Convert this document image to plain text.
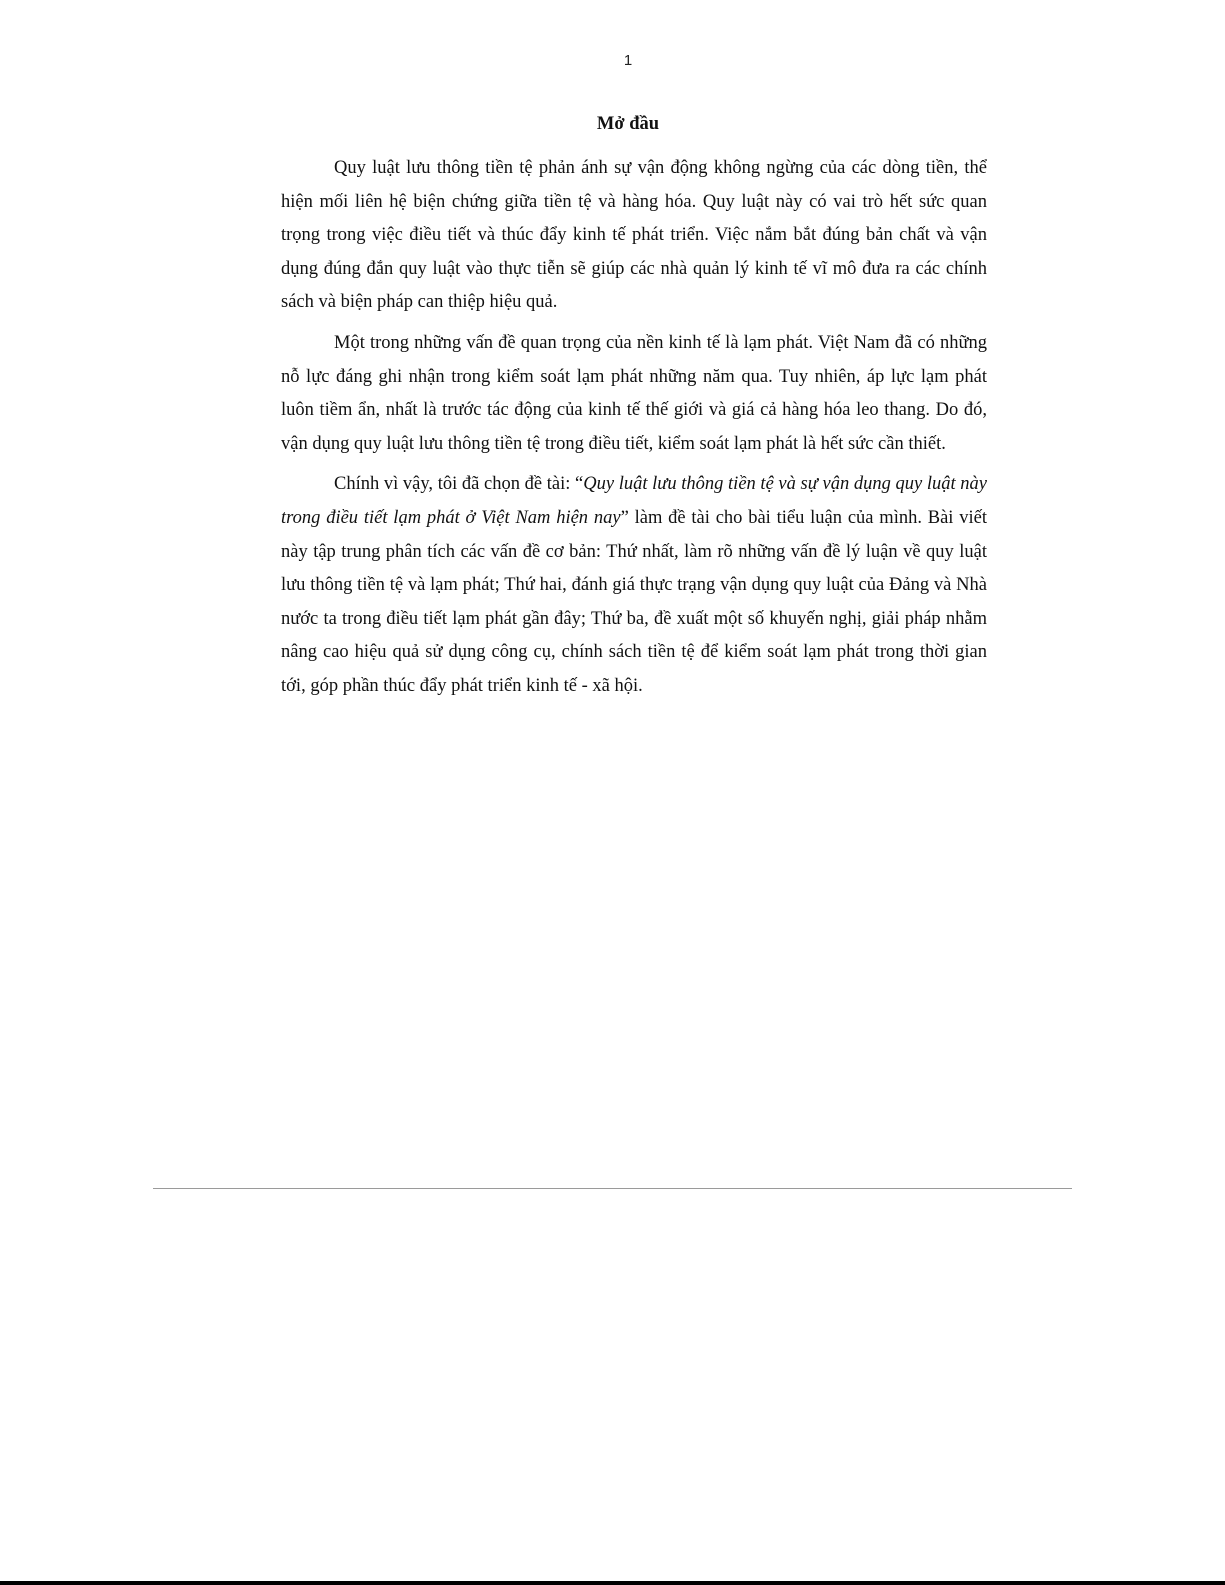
1
Mở đầu

Quy luật lưu thông tiền tệ phản ánh sự vận động không ngừng của các dòng tiền, thể hiện mối liên hệ biện chứng giữa tiền tệ và hàng hóa. Quy luật này có vai trò hết sức quan trọng trong việc điều tiết và thúc đẩy kinh tế phát triển. Việc nắm bắt đúng bản chất và vận dụng đúng đắn quy luật vào thực tiễn sẽ giúp các nhà quản lý kinh tế vĩ mô đưa ra các chính sách và biện pháp can thiệp hiệu quả.

Một trong những vấn đề quan trọng của nền kinh tế là lạm phát. Việt Nam đã có những nỗ lực đáng ghi nhận trong kiểm soát lạm phát những năm qua. Tuy nhiên, áp lực lạm phát luôn tiềm ẩn, nhất là trước tác động của kinh tế thế giới và giá cả hàng hóa leo thang. Do đó, vận dụng quy luật lưu thông tiền tệ trong điều tiết, kiểm soát lạm phát là hết sức cần thiết.

Chính vì vậy, tôi đã chọn đề tài: “Quy luật lưu thông tiền tệ và sự vận dụng quy luật này trong điều tiết lạm phát ở Việt Nam hiện nay” làm đề tài cho bài tiểu luận của mình. Bài viết này tập trung phân tích các vấn đề cơ bản: Thứ nhất, làm rõ những vấn đề lý luận về quy luật lưu thông tiền tệ và lạm phát; Thứ hai, đánh giá thực trạng vận dụng quy luật của Đảng và Nhà nước ta trong điều tiết lạm phát gần đây; Thứ ba, đề xuất một số khuyến nghị, giải pháp nhằm nâng cao hiệu quả sử dụng công cụ, chính sách tiền tệ để kiểm soát lạm phát trong thời gian tới, góp phần thúc đẩy phát triển kinh tế - xã hội.
